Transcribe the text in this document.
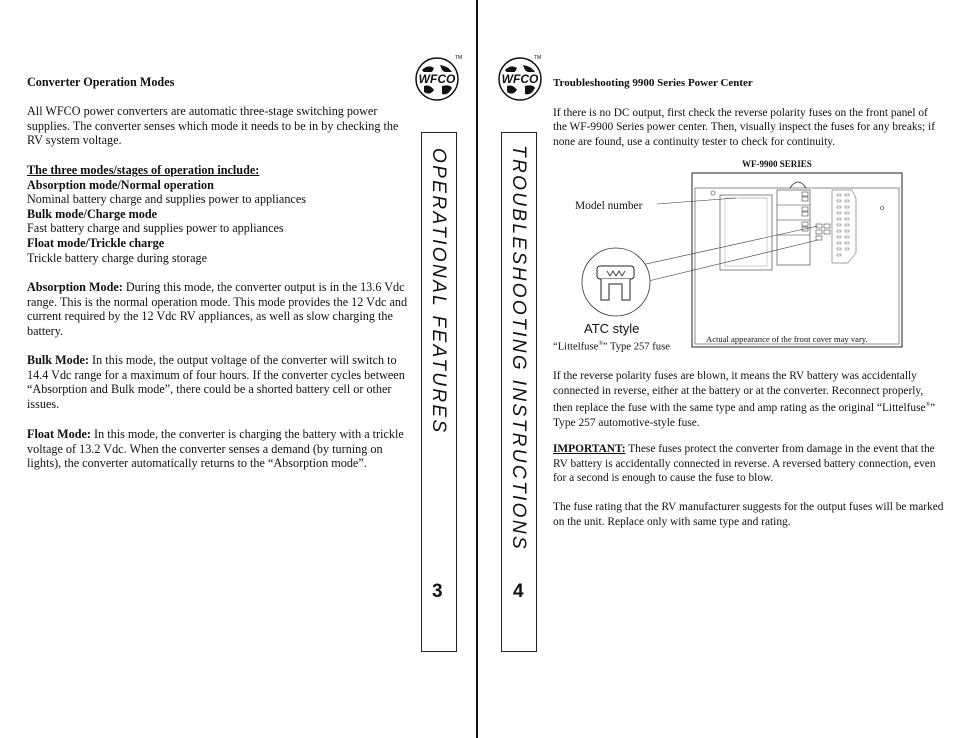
Converter Operation Modes

All WFCO power converters are automatic three-stage switching power supplies. The converter senses which mode it needs to be in by checking the RV system voltage.

The three modes/stages of operation include:
Absorption mode/Normal operation
Nominal battery charge and supplies power to appliances
Bulk mode/Charge mode
Fast battery charge and supplies power to appliances
Float mode/Trickle charge
Trickle battery charge during storage

Absorption Mode: During this mode, the converter output is in the 13.6 Vdc range. This is the normal operation mode. This mode provides the 12 Vdc and current required by the 12 Vdc RV appliances, as well as slow charging the battery.

Bulk Mode: In this mode, the output voltage of the converter will switch to 14.4 Vdc range for a maximum of four hours. If the converter cycles between “Absorption and Bulk mode”, there could be a shorted battery cell or other issues.

Float Mode: In this mode, the converter is charging the battery with a trickle voltage of 13.2 Vdc. When the converter senses a demand (by turning on lights), the converter automatically returns to the “Absorption mode”.

WFCO
TM
OPERATIONAL FEATURES
3
WFCO
TM
TROUBLESHOOTING INSTRUCTIONS
4

Troubleshooting 9900 Series Power Center

If there is no DC output, first check the reverse polarity fuses on the front panel of the WF-9900 Series power center. Then, visually inspect the fuses for any breaks; if none are found, use a continuity tester to check for continuity.

WF-9900 SERIES
Model number
ATC style

“Littelfuse®” Type 257 fuse

Actual appearance of the front cover may vary.

If the reverse polarity fuses are blown, it means the RV battery was accidentally connected in reverse, either at the battery or at the converter. Reconnect properly, then replace the fuse with the same type and amp rating as the original “Littelfuse®” Type 257 automotive-style fuse.

IMPORTANT: These fuses protect the converter from damage in the event that the RV battery is accidentally connected in reverse. A reversed battery connection, even for a second is enough to cause the fuse to blow.

The fuse rating that the RV manufacturer suggests for the output fuses will be marked on the unit. Replace only with same type and rating.
